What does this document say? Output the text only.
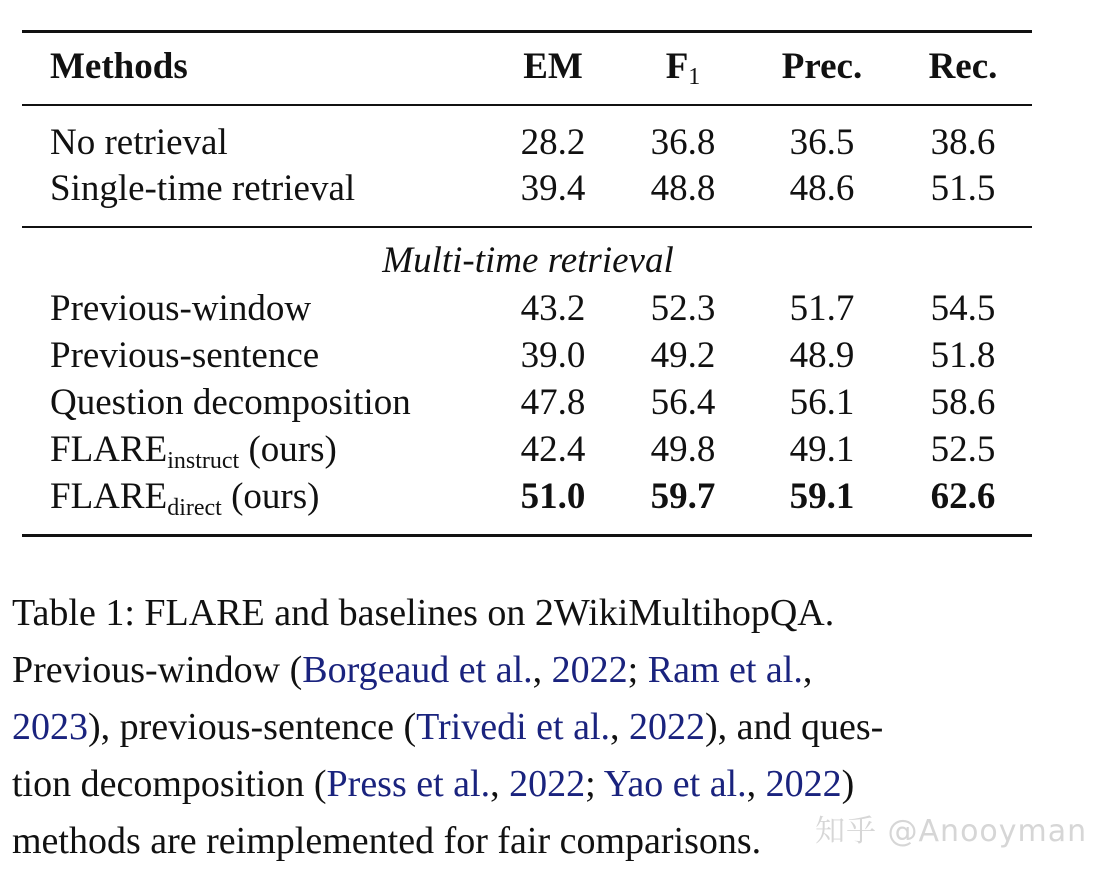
Methods	EM	$F_1$	Prec.	Rec.
No retrieval	28.2	36.8	36.5	38.6
Single-time retrieval	39.4	48.8	48.6	51.5
Multi-time retrieval
Previous-window	43.2	52.3	51.7	54.5
Previous-sentence	39.0	49.2	48.9	51.8
Question decomposition	47.8	56.4	56.1	58.6
$FLARE_{instruct}$ (ours)	42.4	49.8	49.1	52.5
$FLARE_{direct}$ (ours)	51.0	59.7	59.1	62.6
Table 1: FLARE and baselines on 2WikiMultihopQA.
Previous-window (Borgeaud et al., 2022; Ram et al.,
2023), previous-sentence (Trivedi et al., 2022), and ques-
tion decomposition (Press et al., 2022; Yao et al., 2022)
methods are reimplemented for fair comparisons.	知乎 @Anooyman
